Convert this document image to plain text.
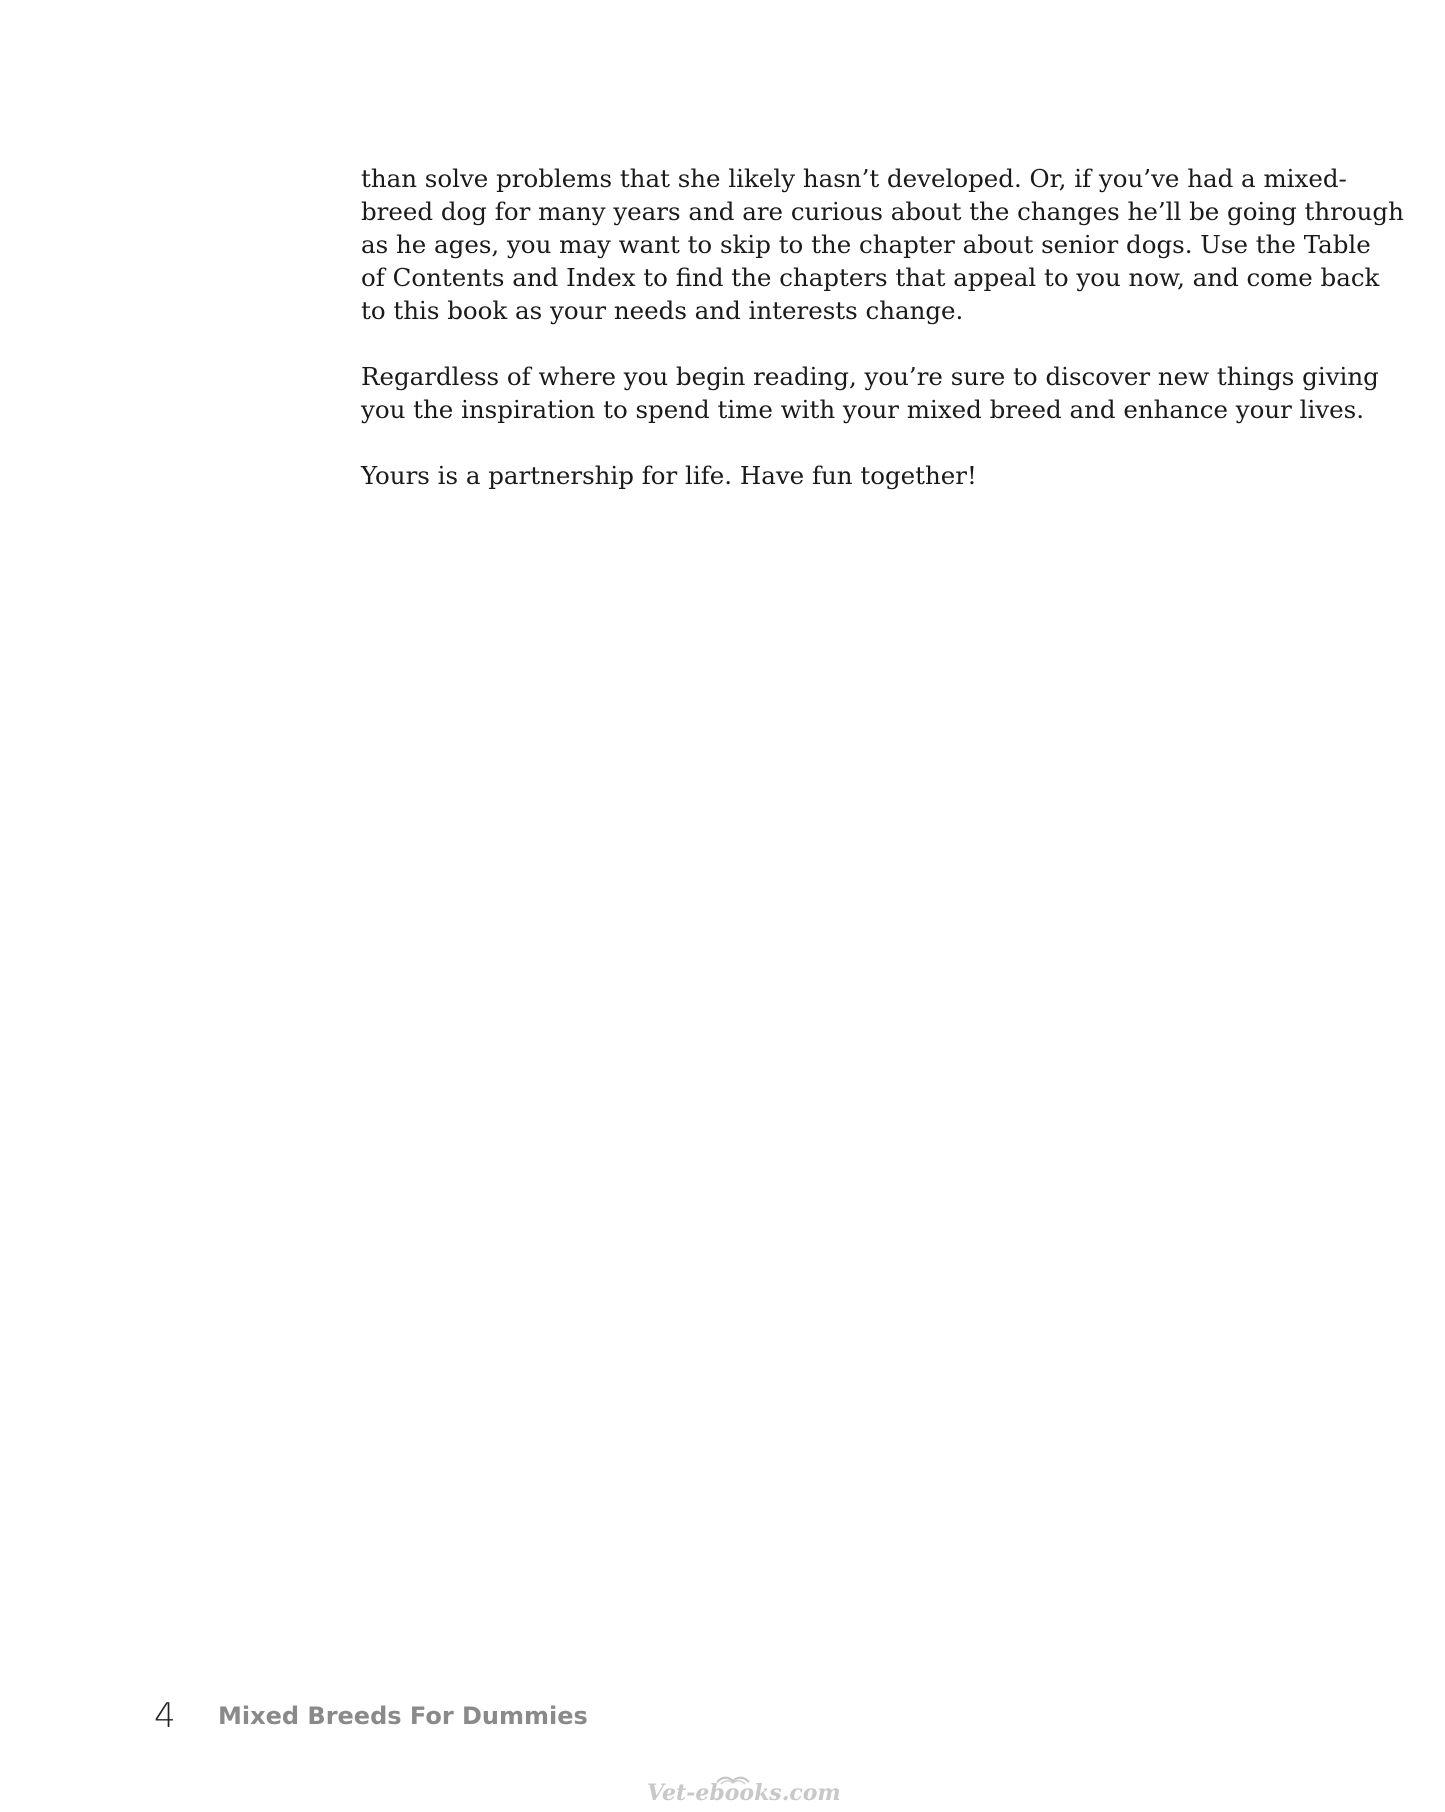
than solve problems that she likely hasn’t developed. Or, if you’ve had a mixed-
breed dog for many years and are curious about the changes he’ll be going through
as he ages, you may want to skip to the chapter about senior dogs. Use the Table
of Contents and Index to find the chapters that appeal to you now, and come back
to this book as your needs and interests change.
Regardless of where you begin reading, you’re sure to discover new things giving
you the inspiration to spend time with your mixed breed and enhance your lives.
Yours is a partnership for life. Have fun together!
4 Mixed Breeds For Dummies
Vet-ebooks.com
